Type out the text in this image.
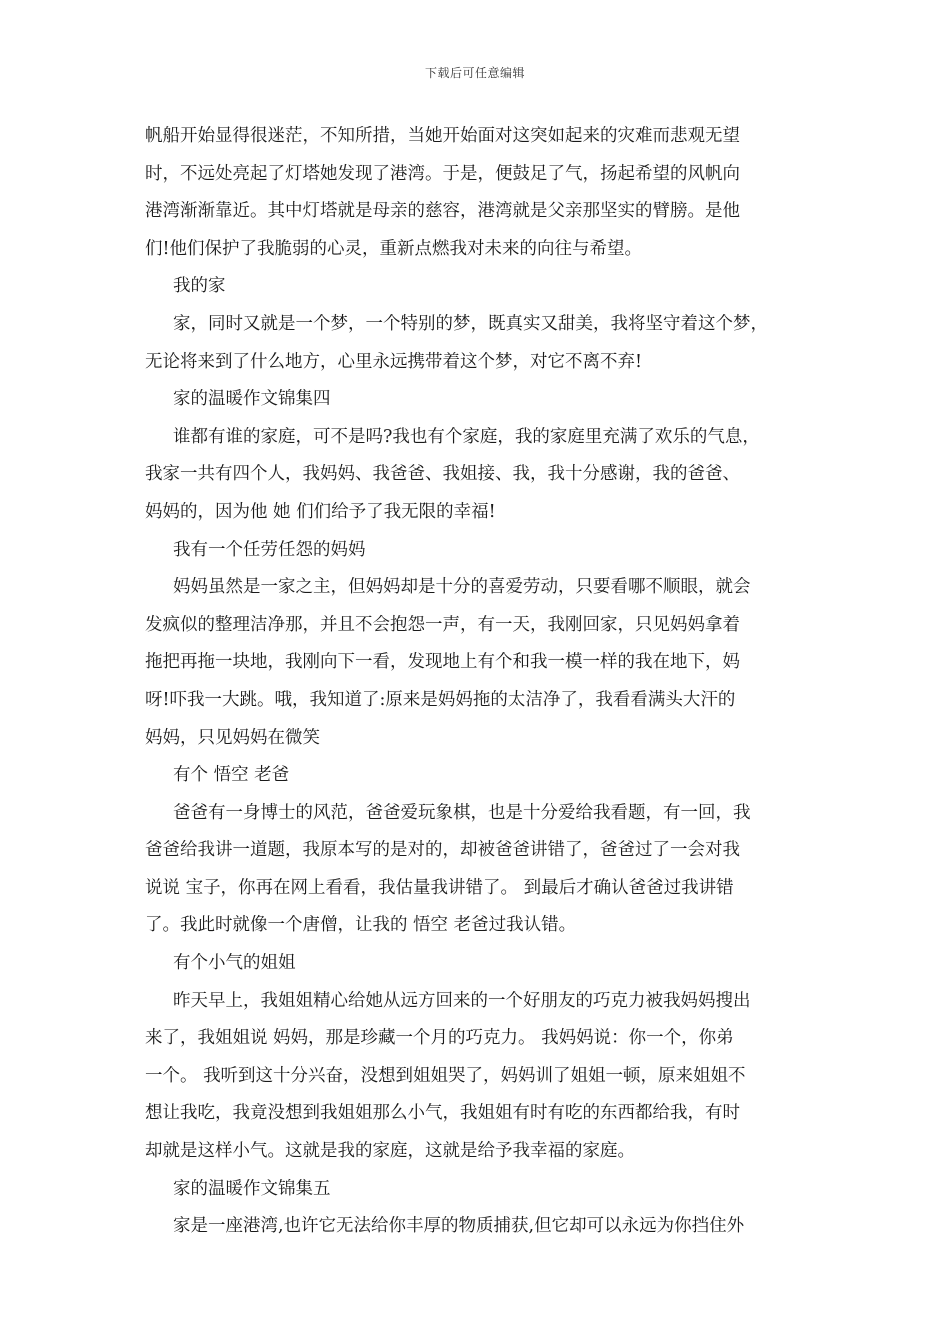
下载后可任意编辑
帆船开始显得很迷茫，不知所措，当她开始面对这突如起来的灾难而悲观无望
时，不远处亮起了灯塔她发现了港湾。于是，便鼓足了气，扬起希望的风帆向
港湾渐渐靠近。其中灯塔就是母亲的慈容，港湾就是父亲那坚实的臂膀。是他
们!他们保护了我脆弱的心灵，重新点燃我对未来的向往与希望。
我的家
家，同时又就是一个梦，一个特别的梦，既真实又甜美，我将坚守着这个梦，
无论将来到了什么地方，心里永远携带着这个梦，对它不离不弃!
家的温暖作文锦集四
谁都有谁的家庭，可不是吗?我也有个家庭，我的家庭里充满了欢乐的气息，
我家一共有四个人，我妈妈、我爸爸、我姐接、我，我十分感谢，我的爸爸、
妈妈的，因为他 她 们们给予了我无限的幸福!
我有一个任劳任怨的妈妈
妈妈虽然是一家之主，但妈妈却是十分的喜爱劳动，只要看哪不顺眼，就会
发疯似的整理洁净那，并且不会抱怨一声，有一天，我刚回家，只见妈妈拿着
拖把再拖一块地，我刚向下一看，发现地上有个和我一模一样的我在地下，妈
呀!吓我一大跳。哦，我知道了:原来是妈妈拖的太洁净了，我看看满头大汗的
妈妈，只见妈妈在微笑
有个 悟空 老爸
爸爸有一身博士的风范，爸爸爱玩象棋，也是十分爱给我看题，有一回，我
爸爸给我讲一道题，我原本写的是对的，却被爸爸讲错了，爸爸过了一会对我
说说 宝子，你再在网上看看，我估量我讲错了。 到最后才确认爸爸过我讲错
了。我此时就像一个唐僧，让我的 悟空 老爸过我认错。
有个小气的姐姐
昨天早上，我姐姐精心给她从远方回来的一个好朋友的巧克力被我妈妈搜出
来了，我姐姐说 妈妈，那是珍藏一个月的巧克力。 我妈妈说：你一个，你弟
一个。 我听到这十分兴奋，没想到姐姐哭了，妈妈训了姐姐一顿，原来姐姐不
想让我吃，我竟没想到我姐姐那么小气，我姐姐有时有吃的东西都给我，有时
却就是这样小气。这就是我的家庭，这就是给予我幸福的家庭。
家的温暖作文锦集五
家是一座港湾,也许它无法给你丰厚的物质捕获,但它却可以永远为你挡住外
